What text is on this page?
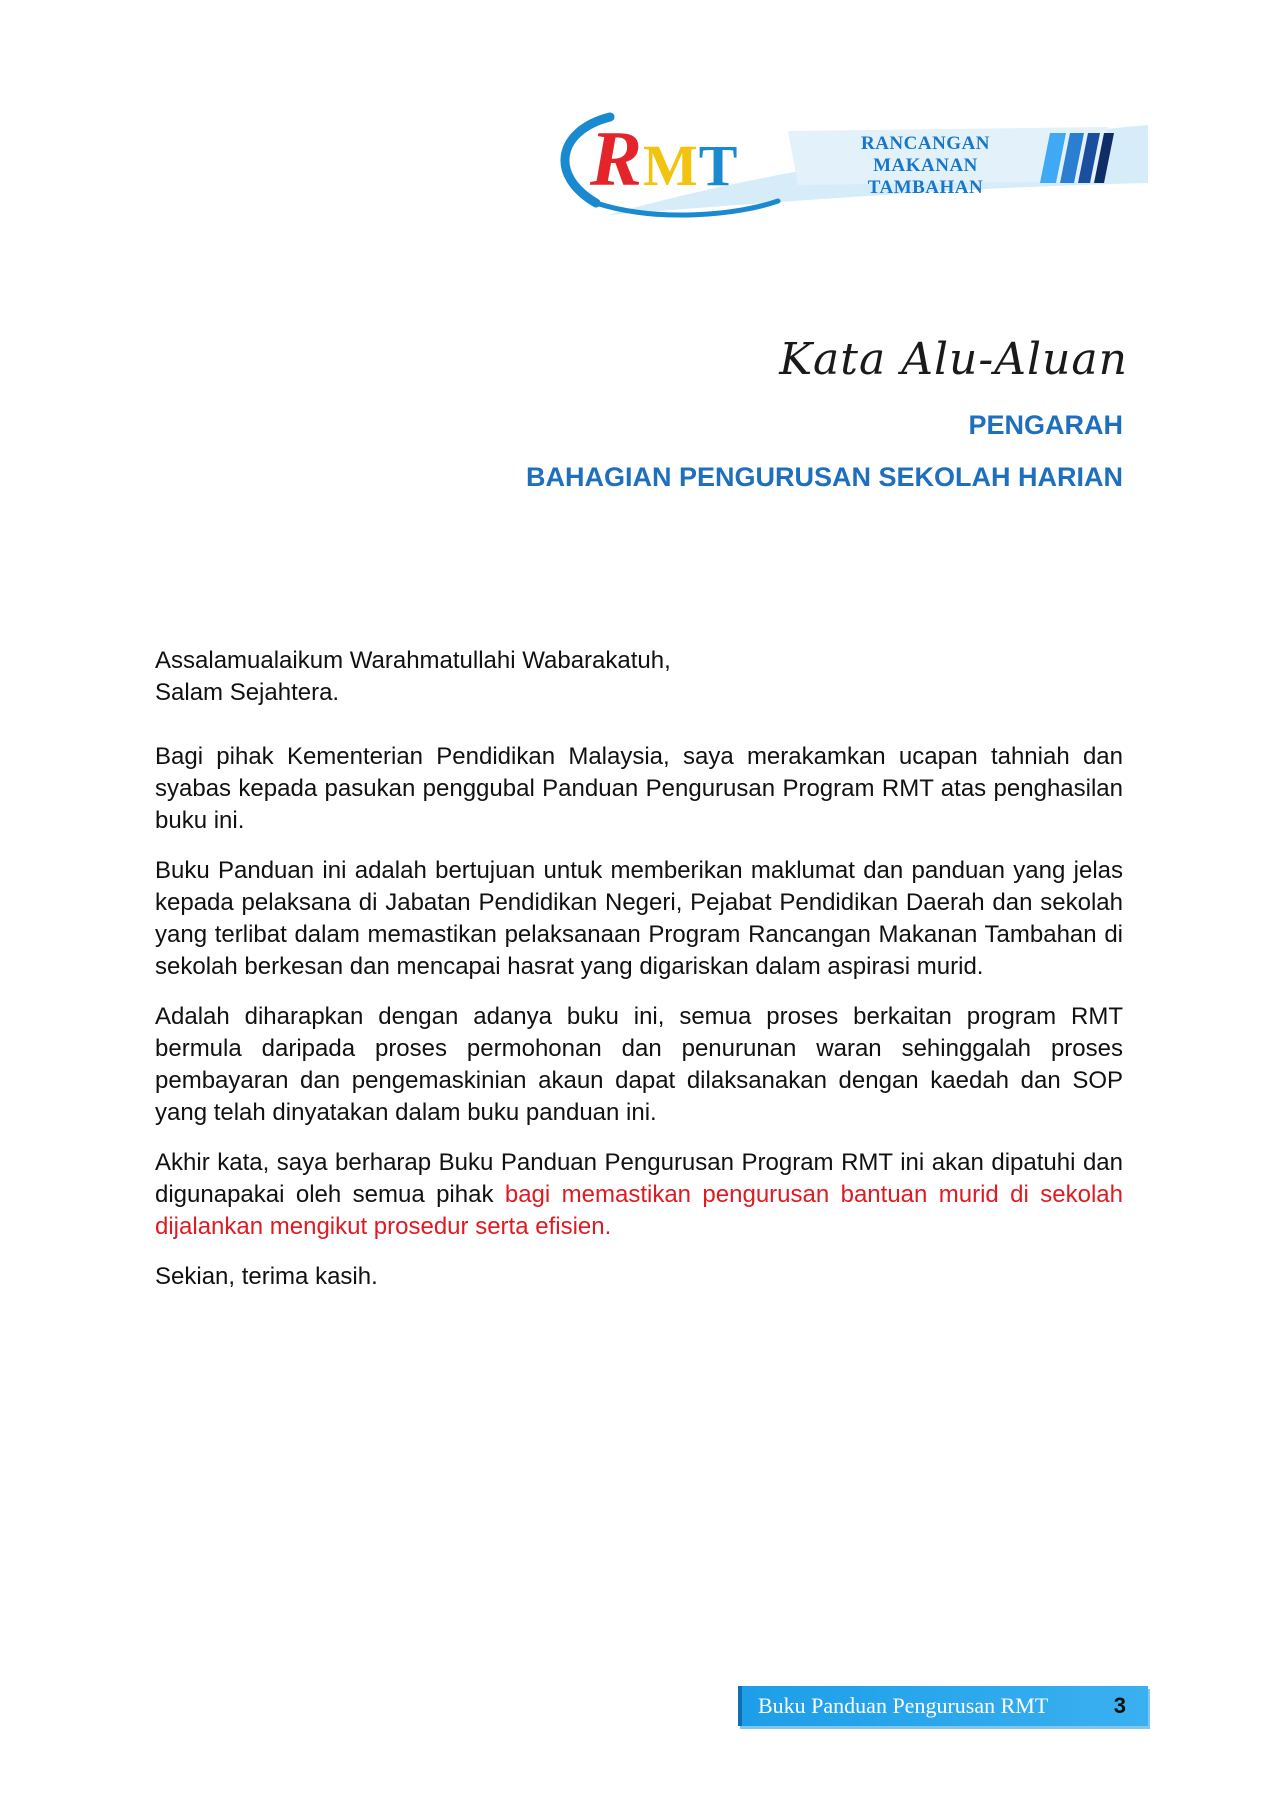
RMT	RANCANGAN MAKANAN
TAMBAHAN
Kata Alu-Aluan
PENGARAH
BAHAGIAN PENGURUSAN SEKOLAH HARIAN

Assalamualaikum Warahmatullahi Wabarakatuh,
Salam Sejahtera.

Bagi pihak Kementerian Pendidikan Malaysia, saya merakamkan ucapan tahniah dan syabas kepada pasukan penggubal Panduan Pengurusan Program RMT atas penghasilan buku ini.

Buku Panduan ini adalah bertujuan untuk memberikan maklumat dan panduan yang jelas kepada pelaksana di Jabatan Pendidikan Negeri, Pejabat Pendidikan Daerah dan sekolah yang terlibat dalam memastikan pelaksanaan Program Rancangan Makanan Tambahan di sekolah berkesan dan mencapai hasrat yang digariskan dalam aspirasi murid.

Adalah diharapkan dengan adanya buku ini, semua proses berkaitan program RMT bermula daripada proses permohonan dan penurunan waran sehinggalah proses pembayaran dan pengemaskinian akaun dapat dilaksanakan dengan kaedah dan SOP yang telah dinyatakan dalam buku panduan ini.

Akhir kata, saya berharap Buku Panduan Pengurusan Program RMT ini akan dipatuhi dan digunapakai oleh semua pihak bagi memastikan pengurusan bantuan murid di sekolah dijalankan mengikut prosedur serta efisien.

Sekian, terima kasih.

Buku Panduan Pengurusan RMT	3
